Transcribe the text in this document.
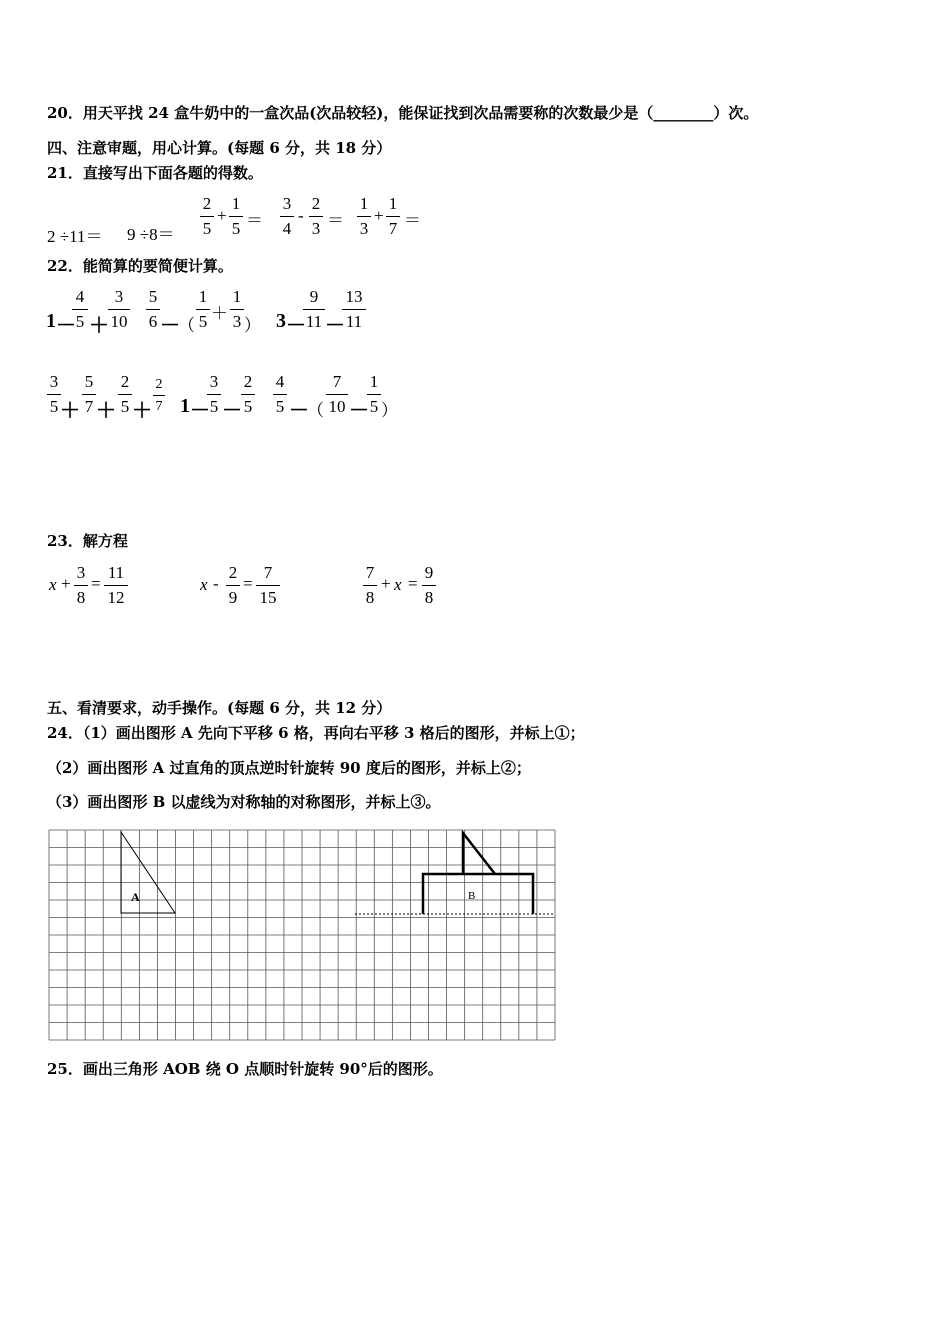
20．用天平找 24 盒牛奶中的一盒次品(次品较轻)，能保证找到次品需要称的次数最少是（________）次。
四、注意审题，用心计算。(每题 6 分，共 18 分）
21．直接写出下面各题的得数。
2 ÷11＝ 9 ÷8＝
2
5
+
1
5 ＝
3
4
-
2
3 ＝
1
3
+
1
7 ＝
22．能简算的要简便计算。
1 －
4
5 ＋
3
10
5
6 －
（
1
5 ＋
1
3 ） 3 －
9
11 －
13
11
3
5 ＋
5
7 ＋
2
5 ＋
2
7 1 －
3
5 －
2
5
4
5 －
（
7
10 －
1
5 ）
23．解方程
x +
3
8
=
11
12
x -
2
9
=
7
15
7
8
+ x =
9
8
五、看清要求，动手操作。(每题 6 分，共 12 分）
24．（1）画出图形 A 先向下平移 6 格，再向右平移 3 格后的图形，并标上①；
（2）画出图形 A 过直角的顶点逆时针旋转 90 度后的图形，并标上②；
（3）画出图形 B 以虚线为对称轴的对称图形，并标上③。
A	B
25．画出三角形 AOB 绕 O 点顺时针旋转 90°后的图形。
